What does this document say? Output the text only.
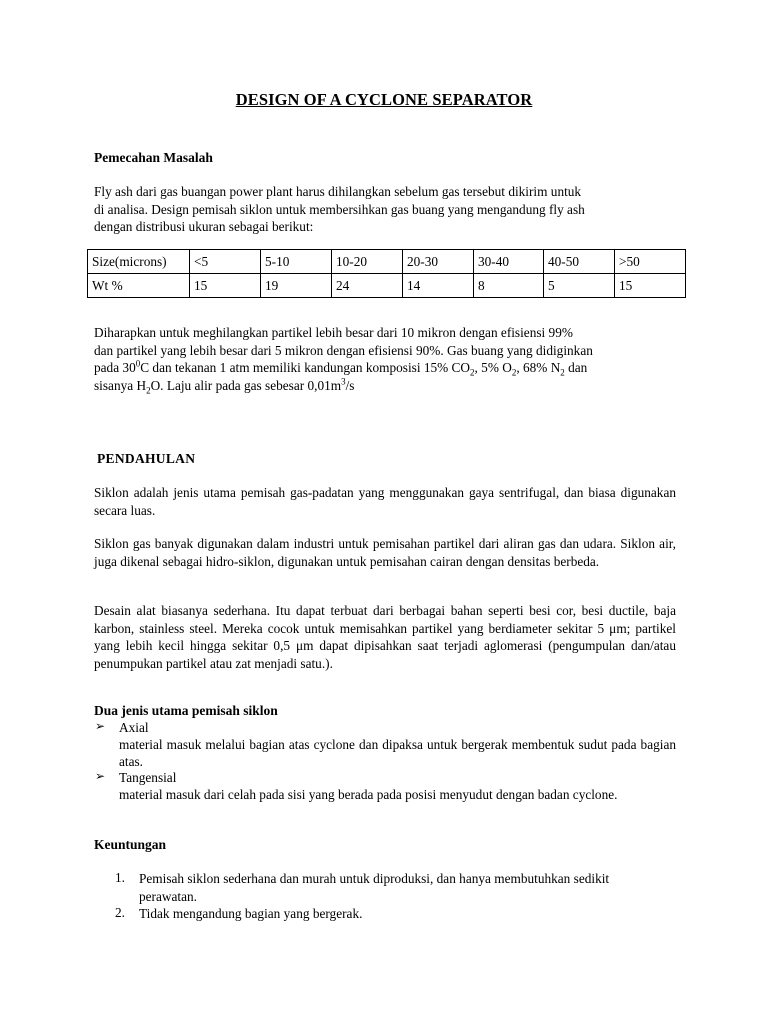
DESIGN OF A CYCLONE SEPARATOR
Pemecahan Masalah
Fly ash dari gas buangan power plant harus dihilangkan sebelum gas tersebut dikirim untuk
di analisa. Design pemisah siklon untuk membersihkan gas buang yang mengandung fly ash
dengan distribusi ukuran sebagai berikut:
Size(microns)	<5	5-10	10-20	20-30	30-40	40-50	>50
Wt %	15	19	24	14	8	5	15
Diharapkan untuk meghilangkan partikel lebih besar dari 10 mikron dengan efisiensi 99%
dan partikel yang lebih besar dari 5 mikron dengan efisiensi 90%. Gas buang yang didiginkan
pada $30^0C$ dan tekanan 1 atm memiliki kandungan komposisi 15% $CO_2$, 5% $O_2$, 68% $N_2$ dan
sisanya $H_2O$. Laju alir pada gas sebesar $0,01m^3/s$
PENDAHULAN
Siklon adalah jenis utama pemisah gas-padatan yang menggunakan gaya sentrifugal, dan biasa digunakan secara luas.
Siklon gas banyak digunakan dalam industri untuk pemisahan partikel dari aliran gas dan udara. Siklon air, juga dikenal sebagai hidro-siklon, digunakan untuk pemisahan cairan dengan densitas berbeda.
Desain alat biasanya sederhana. Itu dapat terbuat dari berbagai bahan seperti besi cor, besi ductile, baja karbon, stainless steel. Mereka cocok untuk memisahkan partikel yang berdiameter sekitar 5 μm; partikel yang lebih kecil hingga sekitar 0,5 μm dapat dipisahkan saat terjadi aglomerasi (pengumpulan dan/atau penumpukan partikel atau zat menjadi satu.).
Dua jenis utama pemisah siklon
➢ Axial
material masuk melalui bagian atas cyclone dan dipaksa untuk bergerak membentuk sudut pada bagian atas.
➢ Tangensial
material masuk dari celah pada sisi yang berada pada posisi menyudut dengan badan cyclone.
Keuntungan
1. Pemisah siklon sederhana dan murah untuk diproduksi, dan hanya membutuhkan sedikit perawatan.
2. Tidak mengandung bagian yang bergerak.
